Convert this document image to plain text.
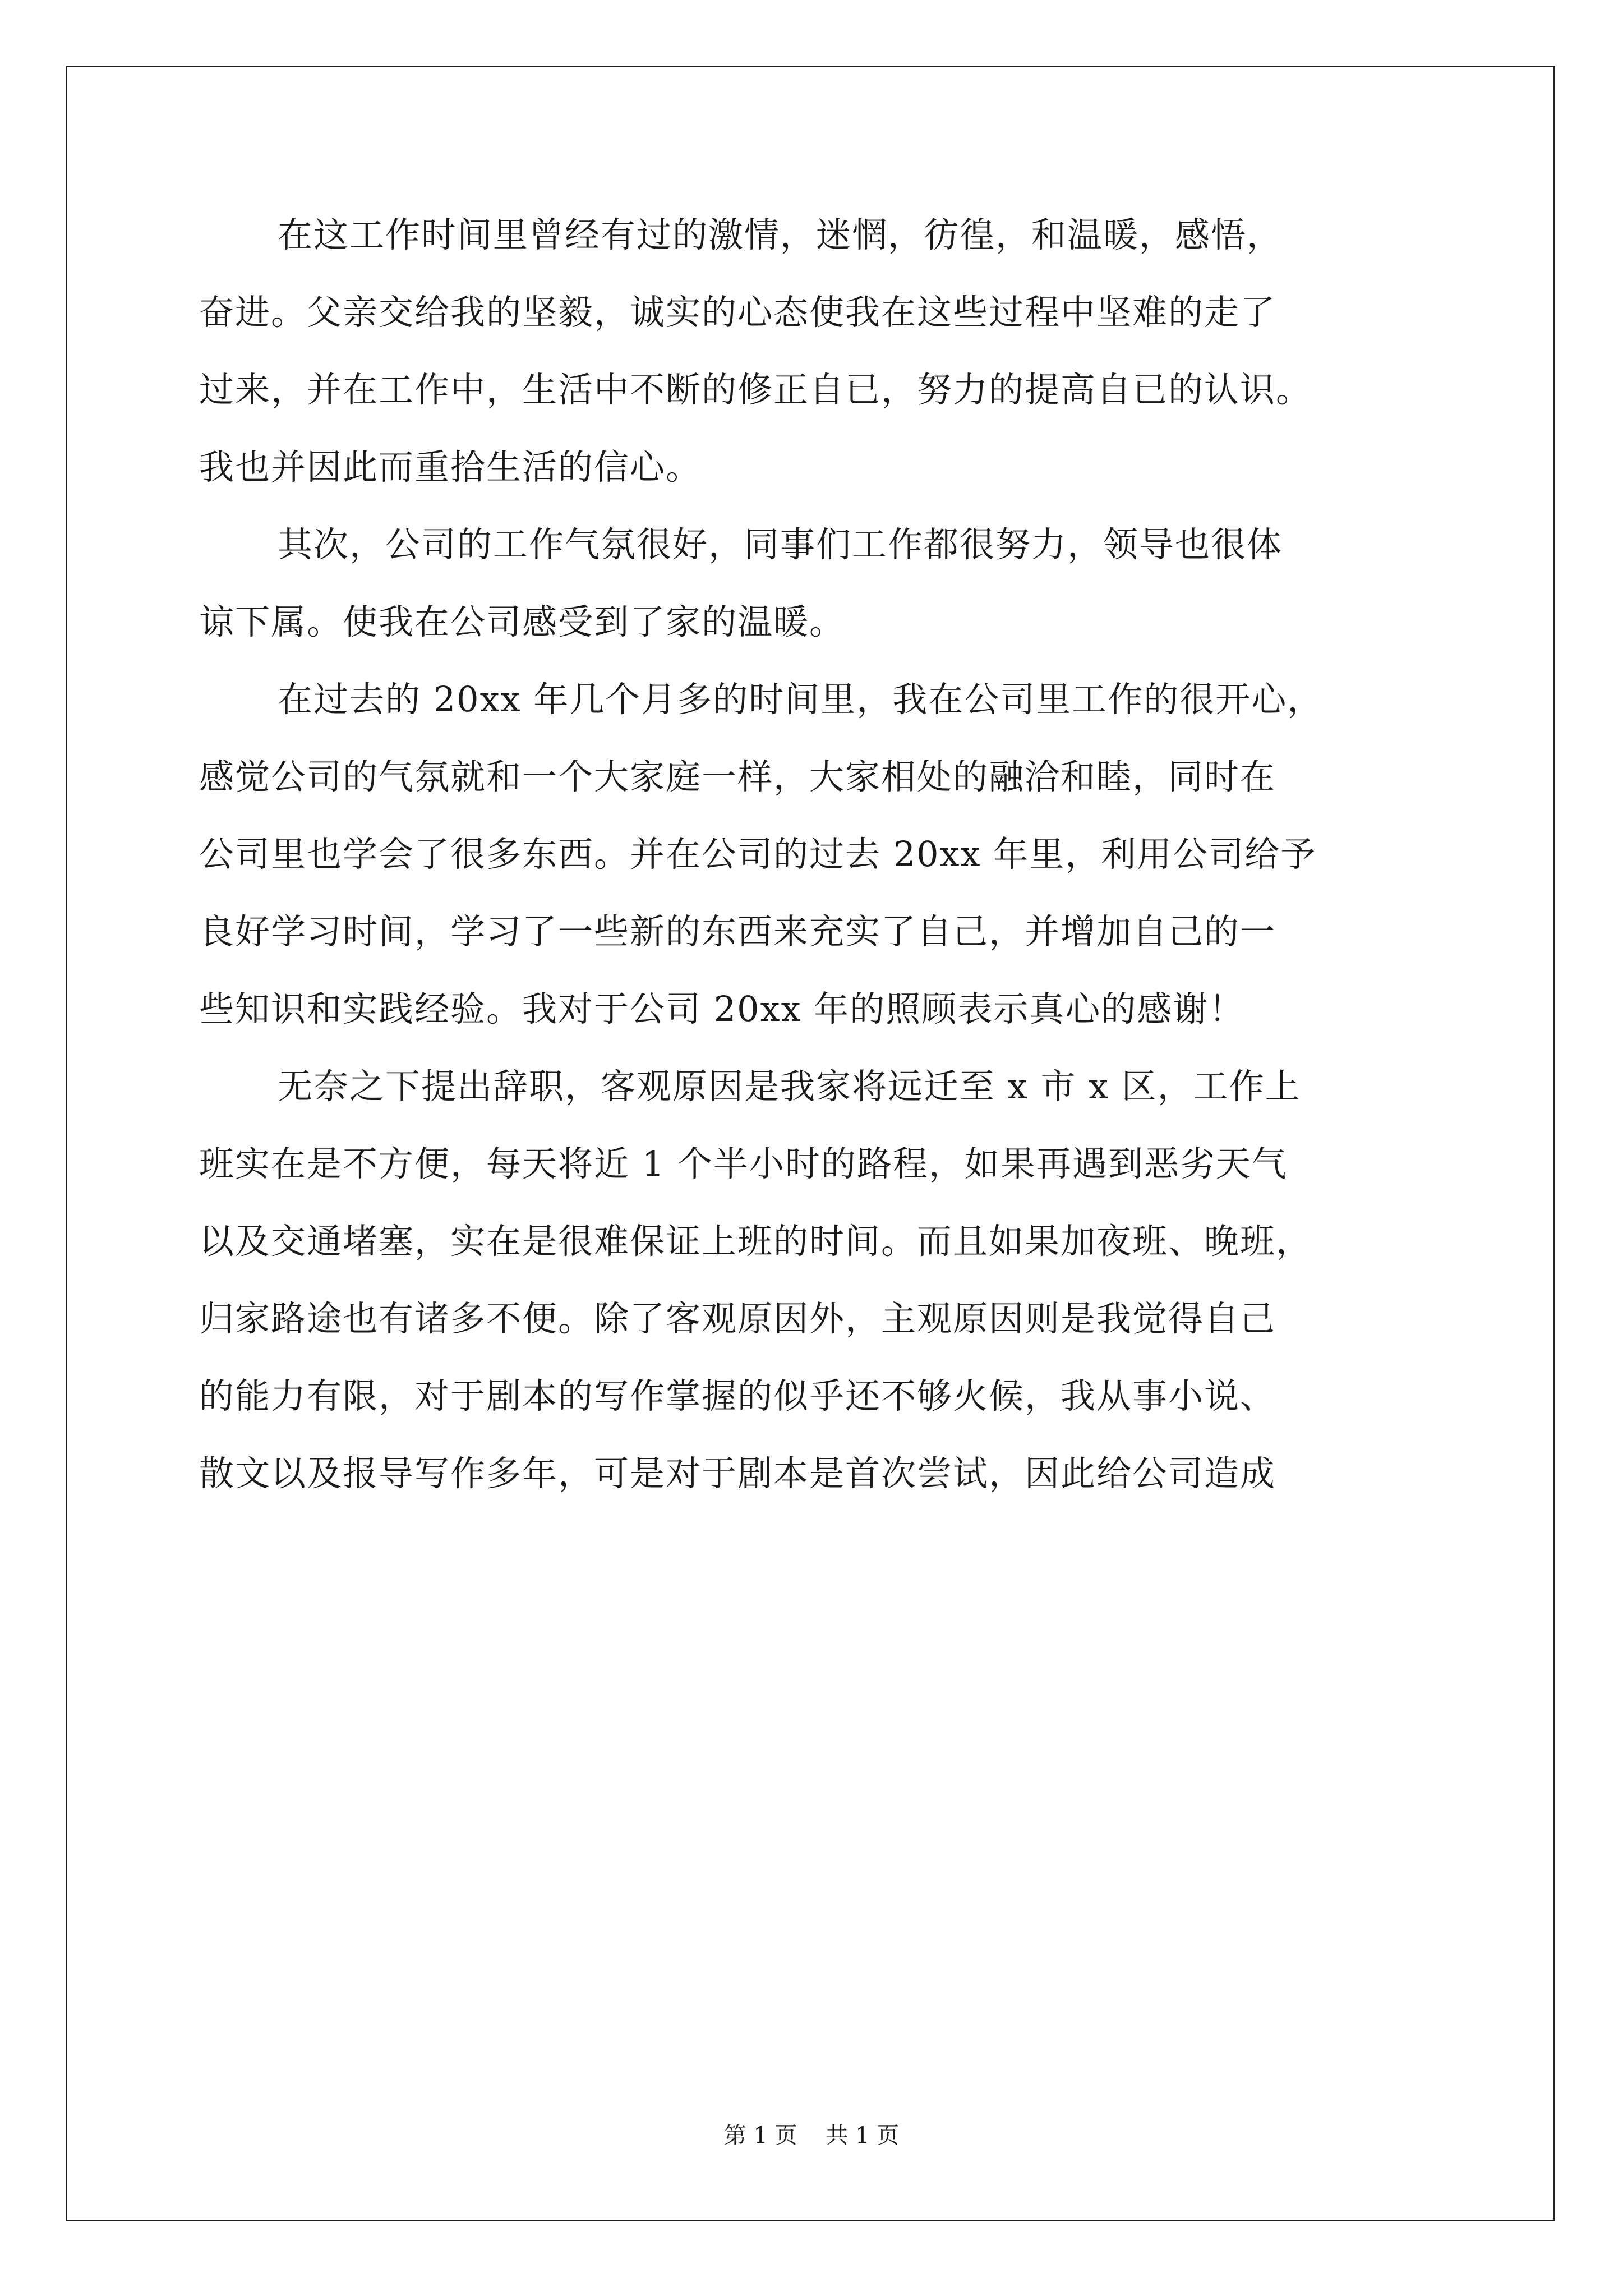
在这工作时间里曾经有过的激情，迷惘，彷徨，和温暖，感悟，
奋进。父亲交给我的坚毅，诚实的心态使我在这些过程中坚难的走了
过来，并在工作中，生活中不断的修正自已，努力的提高自已的认识。
我也并因此而重拾生活的信心。
其次，公司的工作气氛很好，同事们工作都很努力，领导也很体
谅下属。使我在公司感受到了家的温暖。
在过去的 20xx 年几个月多的时间里，我在公司里工作的很开心，
感觉公司的气氛就和一个大家庭一样，大家相处的融洽和睦，同时在
公司里也学会了很多东西。并在公司的过去 20xx 年里，利用公司给予
良好学习时间，学习了一些新的东西来充实了自己，并增加自己的一
些知识和实践经验。我对于公司 20xx 年的照顾表示真心的感谢！
无奈之下提出辞职，客观原因是我家将远迁至 x 市 x 区，工作上
班实在是不方便，每天将近 1 个半小时的路程，如果再遇到恶劣天气
以及交通堵塞，实在是很难保证上班的时间。而且如果加夜班、晚班，
归家路途也有诸多不便。除了客观原因外，主观原因则是我觉得自己
的能力有限，对于剧本的写作掌握的似乎还不够火候，我从事小说、
散文以及报导写作多年，可是对于剧本是首次尝试，因此给公司造成
第 1 页    共 1 页
